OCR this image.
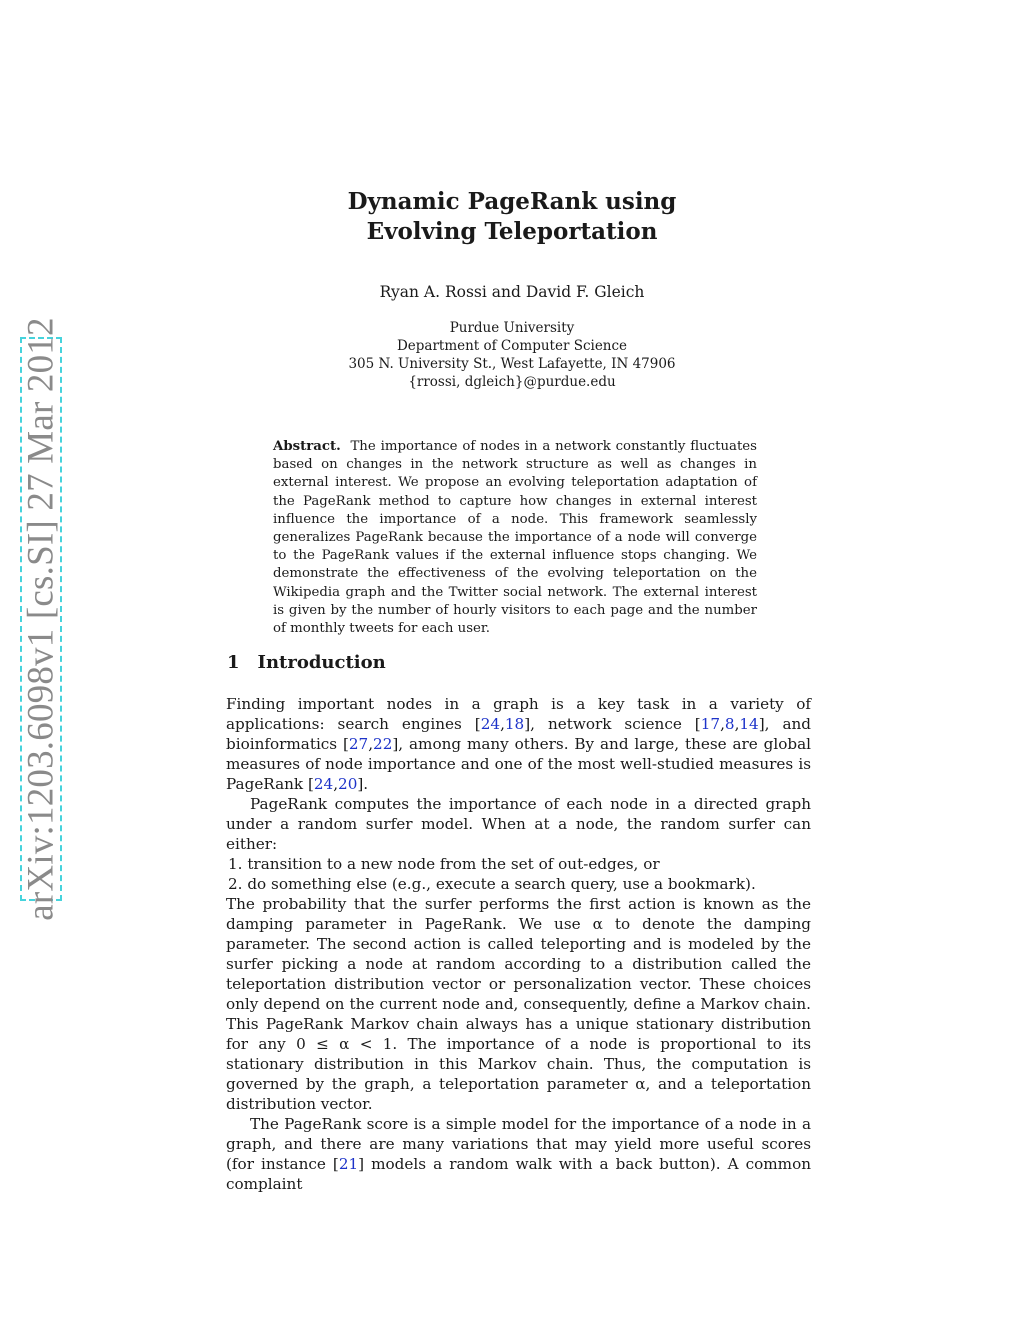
arXiv:1203.6098v1 [cs.SI] 27 Mar 2012
Dynamic PageRank using
Evolving Teleportation
Ryan A. Rossi and David F. Gleich
Purdue University
Department of Computer Science
305 N. University St., West Lafayette, IN 47906
{rrossi, dgleich}@purdue.edu
Abstract. The importance of nodes in a network constantly fluctuates based on changes in the network structure as well as changes in external interest. We propose an evolving teleportation adaptation of the PageRank method to capture how changes in external interest influence the importance of a node. This framework seamlessly generalizes PageRank because the importance of a node will converge to the PageRank values if the external influence stops changing. We demonstrate the effectiveness of the evolving teleportation on the Wikipedia graph and the Twitter social network. The external interest is given by the number of hourly visitors to each page and the number of monthly tweets for each user.
1 Introduction

Finding important nodes in a graph is a key task in a variety of applications: search engines [24,18], network science [17,8,14], and bioinformatics [27,22], among many others. By and large, these are global measures of node importance and one of the most well-studied measures is PageRank [24,20].

PageRank computes the importance of each node in a directed graph under a random surfer model. When at a node, the random surfer can either:

1. transition to a new node from the set of out-edges, or
2. do something else (e.g., execute a search query, use a bookmark).

The probability that the surfer performs the first action is known as the damping parameter in PageRank. We use α to denote the damping parameter. The second action is called teleporting and is modeled by the surfer picking a node at random according to a distribution called the teleportation distribution vector or personalization vector. These choices only depend on the current node and, consequently, define a Markov chain. This PageRank Markov chain always has a unique stationary distribution for any 0 ≤ α < 1. The importance of a node is proportional to its stationary distribution in this Markov chain. Thus, the computation is governed by the graph, a teleportation parameter α, and a teleportation distribution vector.

The PageRank score is a simple model for the importance of a node in a graph, and there are many variations that may yield more useful scores (for instance [21] models a random walk with a back button). A common complaint
